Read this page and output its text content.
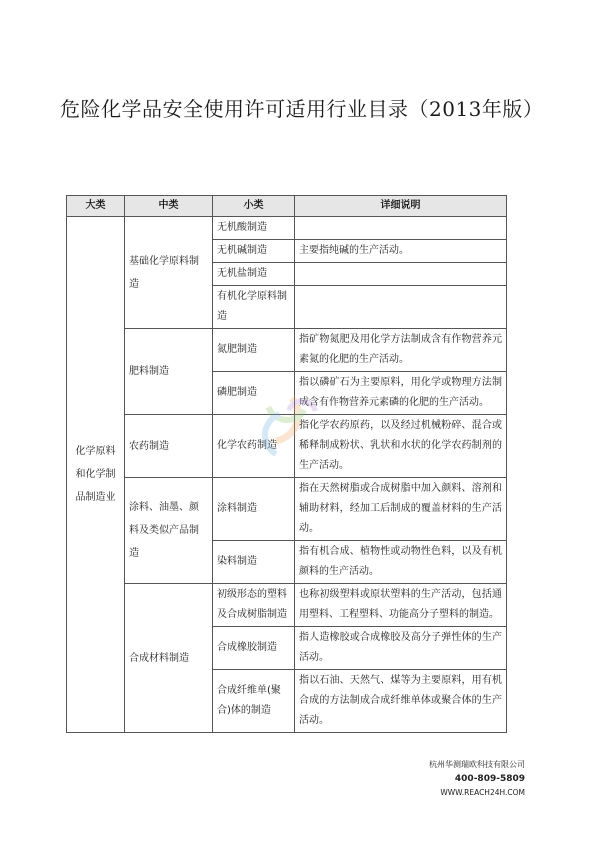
危险化学品安全使用许可适用行业目录（2013年版）
大类	中类	小类	详细说明
化学原料和化学制品制造业	基础化学原料制造	无机酸制造	
		无机碱制造	主要指纯碱的生产活动。
		无机盐制造	
		有机化学原料制造	
	肥料制造	氮肥制造	指矿物氮肥及用化学方法制成含有作物营养元素氮的化肥的生产活动。
		磷肥制造	指以磷矿石为主要原料，用化学或物理方法制成含有作物营养元素磷的化肥的生产活动。
	农药制造	化学农药制造	指化学农药原药，以及经过机械粉碎、混合或稀释制成粉状、乳状和水状的化学农药制剂的生产活动。
	涂料、油墨、颜料及类似产品制造	涂料制造	指在天然树脂或合成树脂中加入颜料、溶剂和辅助材料，经加工后制成的覆盖材料的生产活动。
		染料制造	指有机合成、植物性或动物性色料，以及有机颜料的生产活动。
	合成材料制造	初级形态的塑料及合成树脂制造	也称初级塑料或原状塑料的生产活动，包括通用塑料、工程塑料、功能高分子塑料的制造。
		合成橡胶制造	指人造橡胶或合成橡胶及高分子弹性体的生产活动。
		合成纤维单(聚合)体的制造	指以石油、天然气、煤等为主要原料，用有机合成的方法制成合成纤维单体或聚合体的生产活动。
杭州华测瑞欧科技有限公司
400-809-5809
WWW.REACH24H.COM
